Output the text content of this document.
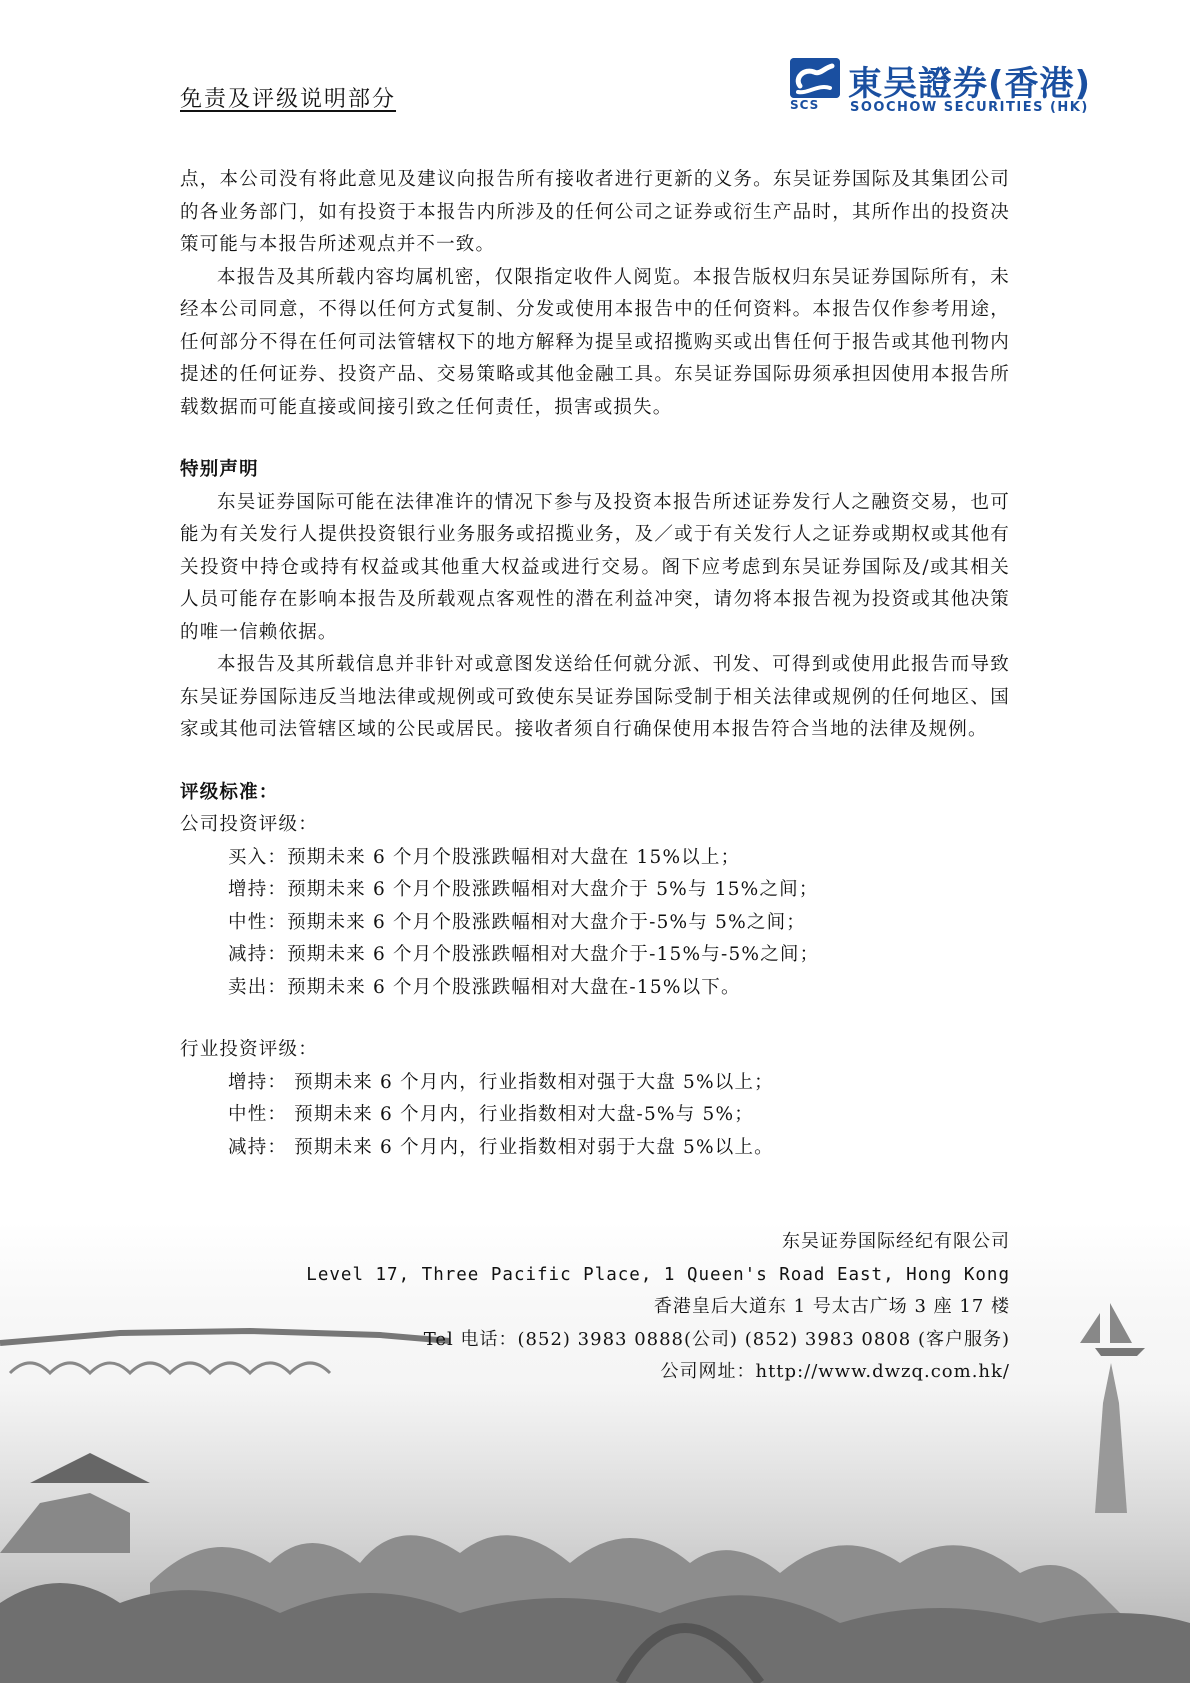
免责及评级说明部分	SCS
東吴證券(香港)
SOOCHOW SECURITIES (HK)

点，本公司没有将此意见及建议向报告所有接收者进行更新的义务。东吴证券国际及其集团公司的各业务部门，如有投资于本报告内所涉及的任何公司之证券或衍生产品时，其所作出的投资决策可能与本报告所述观点并不一致。

本报告及其所载内容均属机密，仅限指定收件人阅览。本报告版权归东吴证券国际所有，未经本公司同意，不得以任何方式复制、分发或使用本报告中的任何资料。本报告仅作参考用途，任何部分不得在任何司法管辖权下的地方解释为提呈或招揽购买或出售任何于报告或其他刊物内提述的任何证券、投资产品、交易策略或其他金融工具。东吴证券国际毋须承担因使用本报告所载数据而可能直接或间接引致之任何责任，损害或损失。

特别声明

东吴证券国际可能在法律准许的情况下参与及投资本报告所述证券发行人之融资交易，也可能为有关发行人提供投资银行业务服务或招揽业务，及／或于有关发行人之证券或期权或其他有关投资中持仓或持有权益或其他重大权益或进行交易。阁下应考虑到东吴证券国际及/或其相关人员可能存在影响本报告及所载观点客观性的潜在利益冲突，请勿将本报告视为投资或其他决策的唯一信赖依据。

本报告及其所载信息并非针对或意图发送给任何就分派、刊发、可得到或使用此报告而导致东吴证券国际违反当地法律或规例或可致使东吴证券国际受制于相关法律或规例的任何地区、国家或其他司法管辖区域的公民或居民。接收者须自行确保使用本报告符合当地的法律及规例。

评级标准：

公司投资评级：

买入：预期未来 6 个月个股涨跌幅相对大盘在 15%以上；

增持：预期未来 6 个月个股涨跌幅相对大盘介于 5%与 15%之间；

中性：预期未来 6 个月个股涨跌幅相对大盘介于-5%与 5%之间；

减持：预期未来 6 个月个股涨跌幅相对大盘介于-15%与-5%之间；

卖出：预期未来 6 个月个股涨跌幅相对大盘在-15%以下。

行业投资评级：

增持： 预期未来 6 个月内，行业指数相对强于大盘 5%以上；

中性： 预期未来 6 个月内，行业指数相对大盘-5%与 5%；

减持： 预期未来 6 个月内，行业指数相对弱于大盘 5%以上。

东吴证券国际经纪有限公司
Level 17, Three Pacific Place, 1 Queen's Road East, Hong Kong
香港皇后大道东 1 号太古广场 3 座 17 楼
Tel 电话：(852) 3983 0888(公司) (852) 3983 0808 (客户服务)
公司网址：http://www.dwzq.com.hk/
